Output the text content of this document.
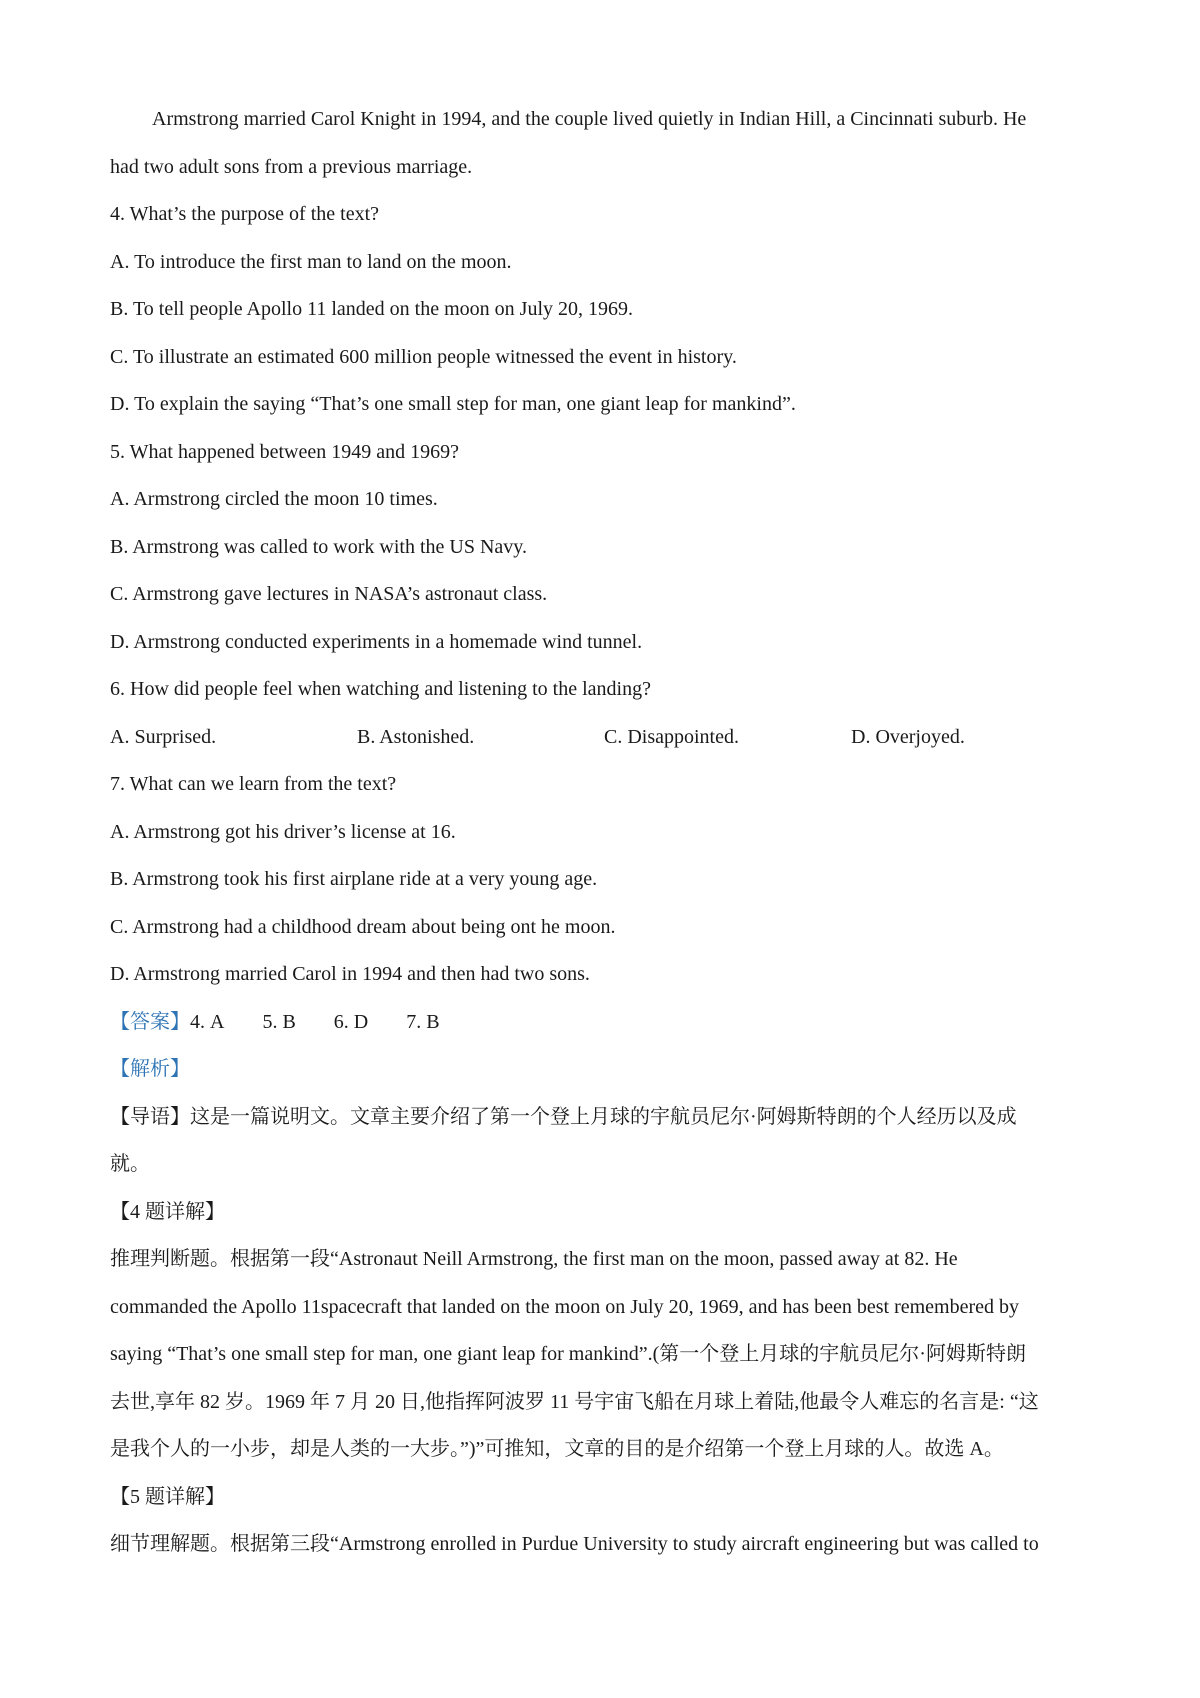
Armstrong married Carol Knight in 1994, and the couple lived quietly in Indian Hill, a Cincinnati suburb. He
had two adult sons from a previous marriage.
4. What’s the purpose of the text?
A. To introduce the first man to land on the moon.
B. To tell people Apollo 11 landed on the moon on July 20, 1969.
C. To illustrate an estimated 600 million people witnessed the event in history.
D. To explain the saying “That’s one small step for man, one giant leap for mankind”.
5. What happened between 1949 and 1969?
A. Armstrong circled the moon 10 times.
B. Armstrong was called to work with the US Navy.
C. Armstrong gave lectures in NASA’s astronaut class.
D. Armstrong conducted experiments in a homemade wind tunnel.
6. How did people feel when watching and listening to the landing?
A. Surprised.	B. Astonished.	C. Disappointed.	D. Overjoyed.
7. What can we learn from the text?
A. Armstrong got his driver’s license at 16.
B. Armstrong took his first airplane ride at a very young age.
C. Armstrong had a childhood dream about being ont he moon.
D. Armstrong married Carol in 1994 and then had two sons.
【答案】4. A 5. B 6. D 7. B
【解析】
【导语】这是一篇说明文。文章主要介绍了第一个登上月球的宇航员尼尔·阿姆斯特朗的个人经历以及成
就。
【4 题详解】
推理判断题。根据第一段“Astronaut Neill Armstrong, the first man on the moon, passed away at 82. He
commanded the Apollo 11spacecraft that landed on the moon on July 20, 1969, and has been best remembered by
saying “That’s one small step for man, one giant leap for mankind”.(第一个登上月球的宇航员尼尔·阿姆斯特朗
去世,享年 82 岁。1969 年 7 月 20 日,他指挥阿波罗 11 号宇宙飞船在月球上着陆,他最令人难忘的名言是: “这
是我个人的一小步，却是人类的一大步。”)”可推知，文章的目的是介绍第一个登上月球的人。故选 A。
【5 题详解】
细节理解题。根据第三段“Armstrong enrolled in Purdue University to study aircraft engineering but was called to
